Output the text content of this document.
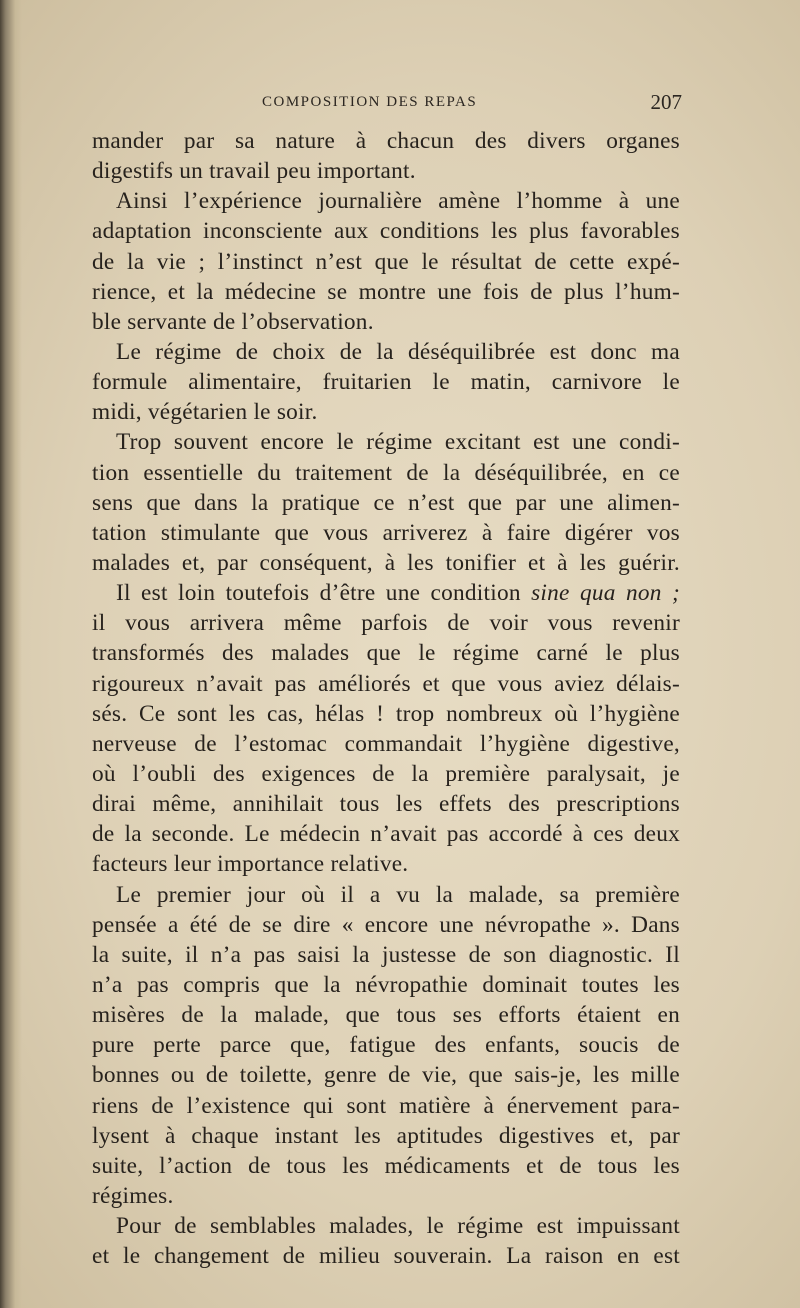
COMPOSITION DES REPAS	207
mander par sa nature à chacun des divers organes
digestifs un travail peu important.
Ainsi l’expérience journalière amène l’homme à une
adaptation inconsciente aux conditions les plus favorables
de la vie ; l’instinct n’est que le résultat de cette expé-
rience, et la médecine se montre une fois de plus l’hum-
ble servante de l’observation.
Le régime de choix de la déséquilibrée est donc ma
formule alimentaire, fruitarien le matin, carnivore le
midi, végétarien le soir.
Trop souvent encore le régime excitant est une condi-
tion essentielle du traitement de la déséquilibrée, en ce
sens que dans la pratique ce n’est que par une alimen-
tation stimulante que vous arriverez à faire digérer vos
malades et, par conséquent, à les tonifier et à les guérir.
Il est loin toutefois d’être une condition sine qua non ;
il vous arrivera même parfois de voir vous revenir
transformés des malades que le régime carné le plus
rigoureux n’avait pas améliorés et que vous aviez délais-
sés. Ce sont les cas, hélas ! trop nombreux où l’hygiène
nerveuse de l’estomac commandait l’hygiène digestive,
où l’oubli des exigences de la première paralysait, je
dirai même, annihilait tous les effets des prescriptions
de la seconde. Le médecin n’avait pas accordé à ces deux
facteurs leur importance relative.
Le premier jour où il a vu la malade, sa première
pensée a été de se dire « encore une névropathe ». Dans
la suite, il n’a pas saisi la justesse de son diagnostic. Il
n’a pas compris que la névropathie dominait toutes les
misères de la malade, que tous ses efforts étaient en
pure perte parce que, fatigue des enfants, soucis de
bonnes ou de toilette, genre de vie, que sais-je, les mille
riens de l’existence qui sont matière à énervement para-
lysent à chaque instant les aptitudes digestives et, par
suite, l’action de tous les médicaments et de tous les
régimes.
Pour de semblables malades, le régime est impuissant
et le changement de milieu souverain. La raison en est
